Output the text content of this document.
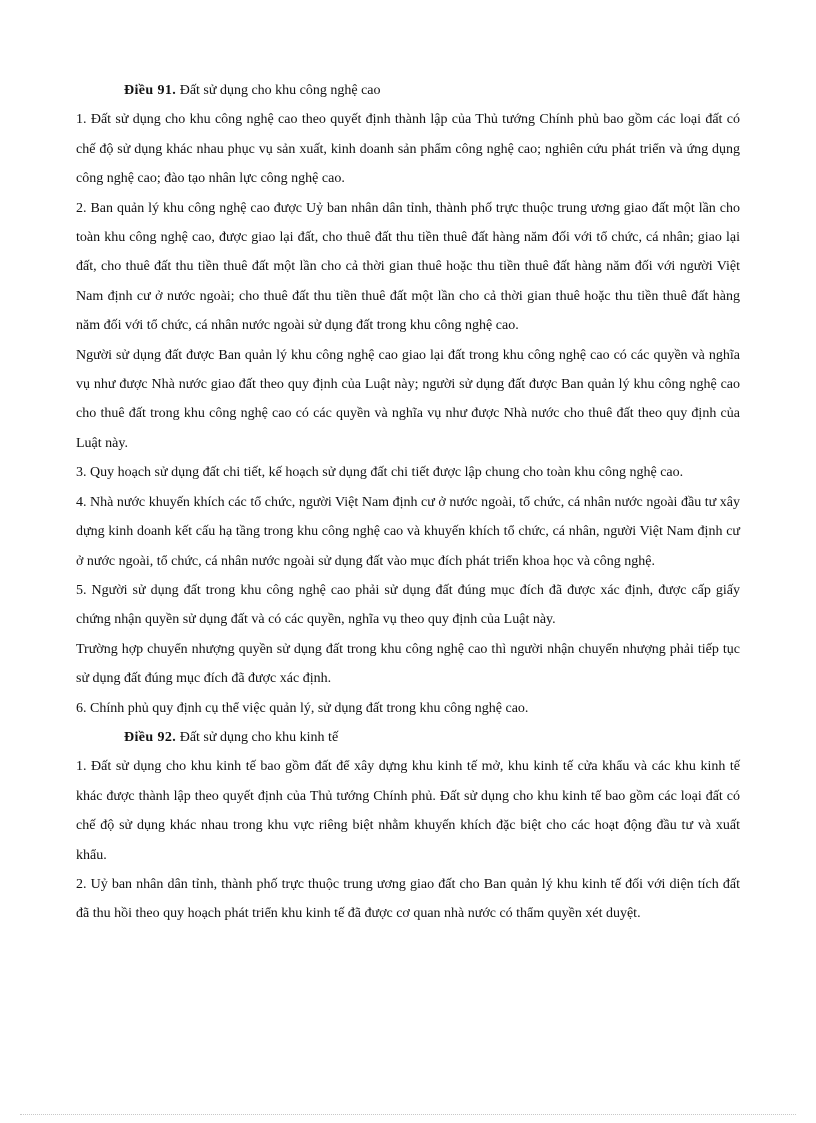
Điều 91. Đất sử dụng cho khu công nghệ cao

1. Đất sử dụng cho khu công nghệ cao theo quyết định thành lập của Thủ tướng Chính phủ bao gồm các loại đất có chế độ sử dụng khác nhau phục vụ sản xuất, kinh doanh sản phẩm công nghệ cao; nghiên cứu phát triển và ứng dụng công nghệ cao; đào tạo nhân lực công nghệ cao.

2. Ban quản lý khu công nghệ cao được Uỷ ban nhân dân tỉnh, thành phố trực thuộc trung ương giao đất một lần cho toàn khu công nghệ cao, được giao lại đất, cho thuê đất thu tiền thuê đất hàng năm đối với tổ chức, cá nhân; giao lại đất, cho thuê đất thu tiền thuê đất một lần cho cả thời gian thuê hoặc thu tiền thuê đất hàng năm đối với người Việt Nam định cư ở nước ngoài; cho thuê đất thu tiền thuê đất một lần cho cả thời gian thuê hoặc thu tiền thuê đất hàng năm đối với tổ chức, cá nhân nước ngoài sử dụng đất trong khu công nghệ cao.

Người sử dụng đất được Ban quản lý khu công nghệ cao giao lại đất trong khu công nghệ cao có các quyền và nghĩa vụ như được Nhà nước giao đất theo quy định của Luật này; người sử dụng đất được Ban quản lý khu công nghệ cao cho thuê đất trong khu công nghệ cao có các quyền và nghĩa vụ như được Nhà nước cho thuê đất theo quy định của Luật này.

3. Quy hoạch sử dụng đất chi tiết, kế hoạch sử dụng đất chi tiết được lập chung cho toàn khu công nghệ cao.

4. Nhà nước khuyến khích các tổ chức, người Việt Nam định cư ở nước ngoài, tổ chức, cá nhân nước ngoài đầu tư xây dựng kinh doanh kết cấu hạ tầng trong khu công nghệ cao và khuyến khích tổ chức, cá nhân, người Việt Nam định cư ở nước ngoài, tổ chức, cá nhân nước ngoài sử dụng đất vào mục đích phát triển khoa học và công nghệ.

5. Người sử dụng đất trong khu công nghệ cao phải sử dụng đất đúng mục đích đã được xác định, được cấp giấy chứng nhận quyền sử dụng đất và có các quyền, nghĩa vụ theo quy định của Luật này.

Trường hợp chuyển nhượng quyền sử dụng đất trong khu công nghệ cao thì người nhận chuyển nhượng phải tiếp tục sử dụng đất đúng mục đích đã được xác định.

6. Chính phủ quy định cụ thể việc quản lý, sử dụng đất trong khu công nghệ cao.

Điều 92. Đất sử dụng cho khu kinh tế

1. Đất sử dụng cho khu kinh tế bao gồm đất để xây dựng khu kinh tế mở, khu kinh tế cửa khẩu và các khu kinh tế khác được thành lập theo quyết định của Thủ tướng Chính phủ. Đất sử dụng cho khu kinh tế bao gồm các loại đất có chế độ sử dụng khác nhau trong khu vực riêng biệt nhằm khuyến khích đặc biệt cho các hoạt động đầu tư và xuất khẩu.

2. Uỷ ban nhân dân tỉnh, thành phố trực thuộc trung ương giao đất cho Ban quản lý khu kinh tế đối với diện tích đất đã thu hồi theo quy hoạch phát triển khu kinh tế đã được cơ quan nhà nước có thẩm quyền xét duyệt.
